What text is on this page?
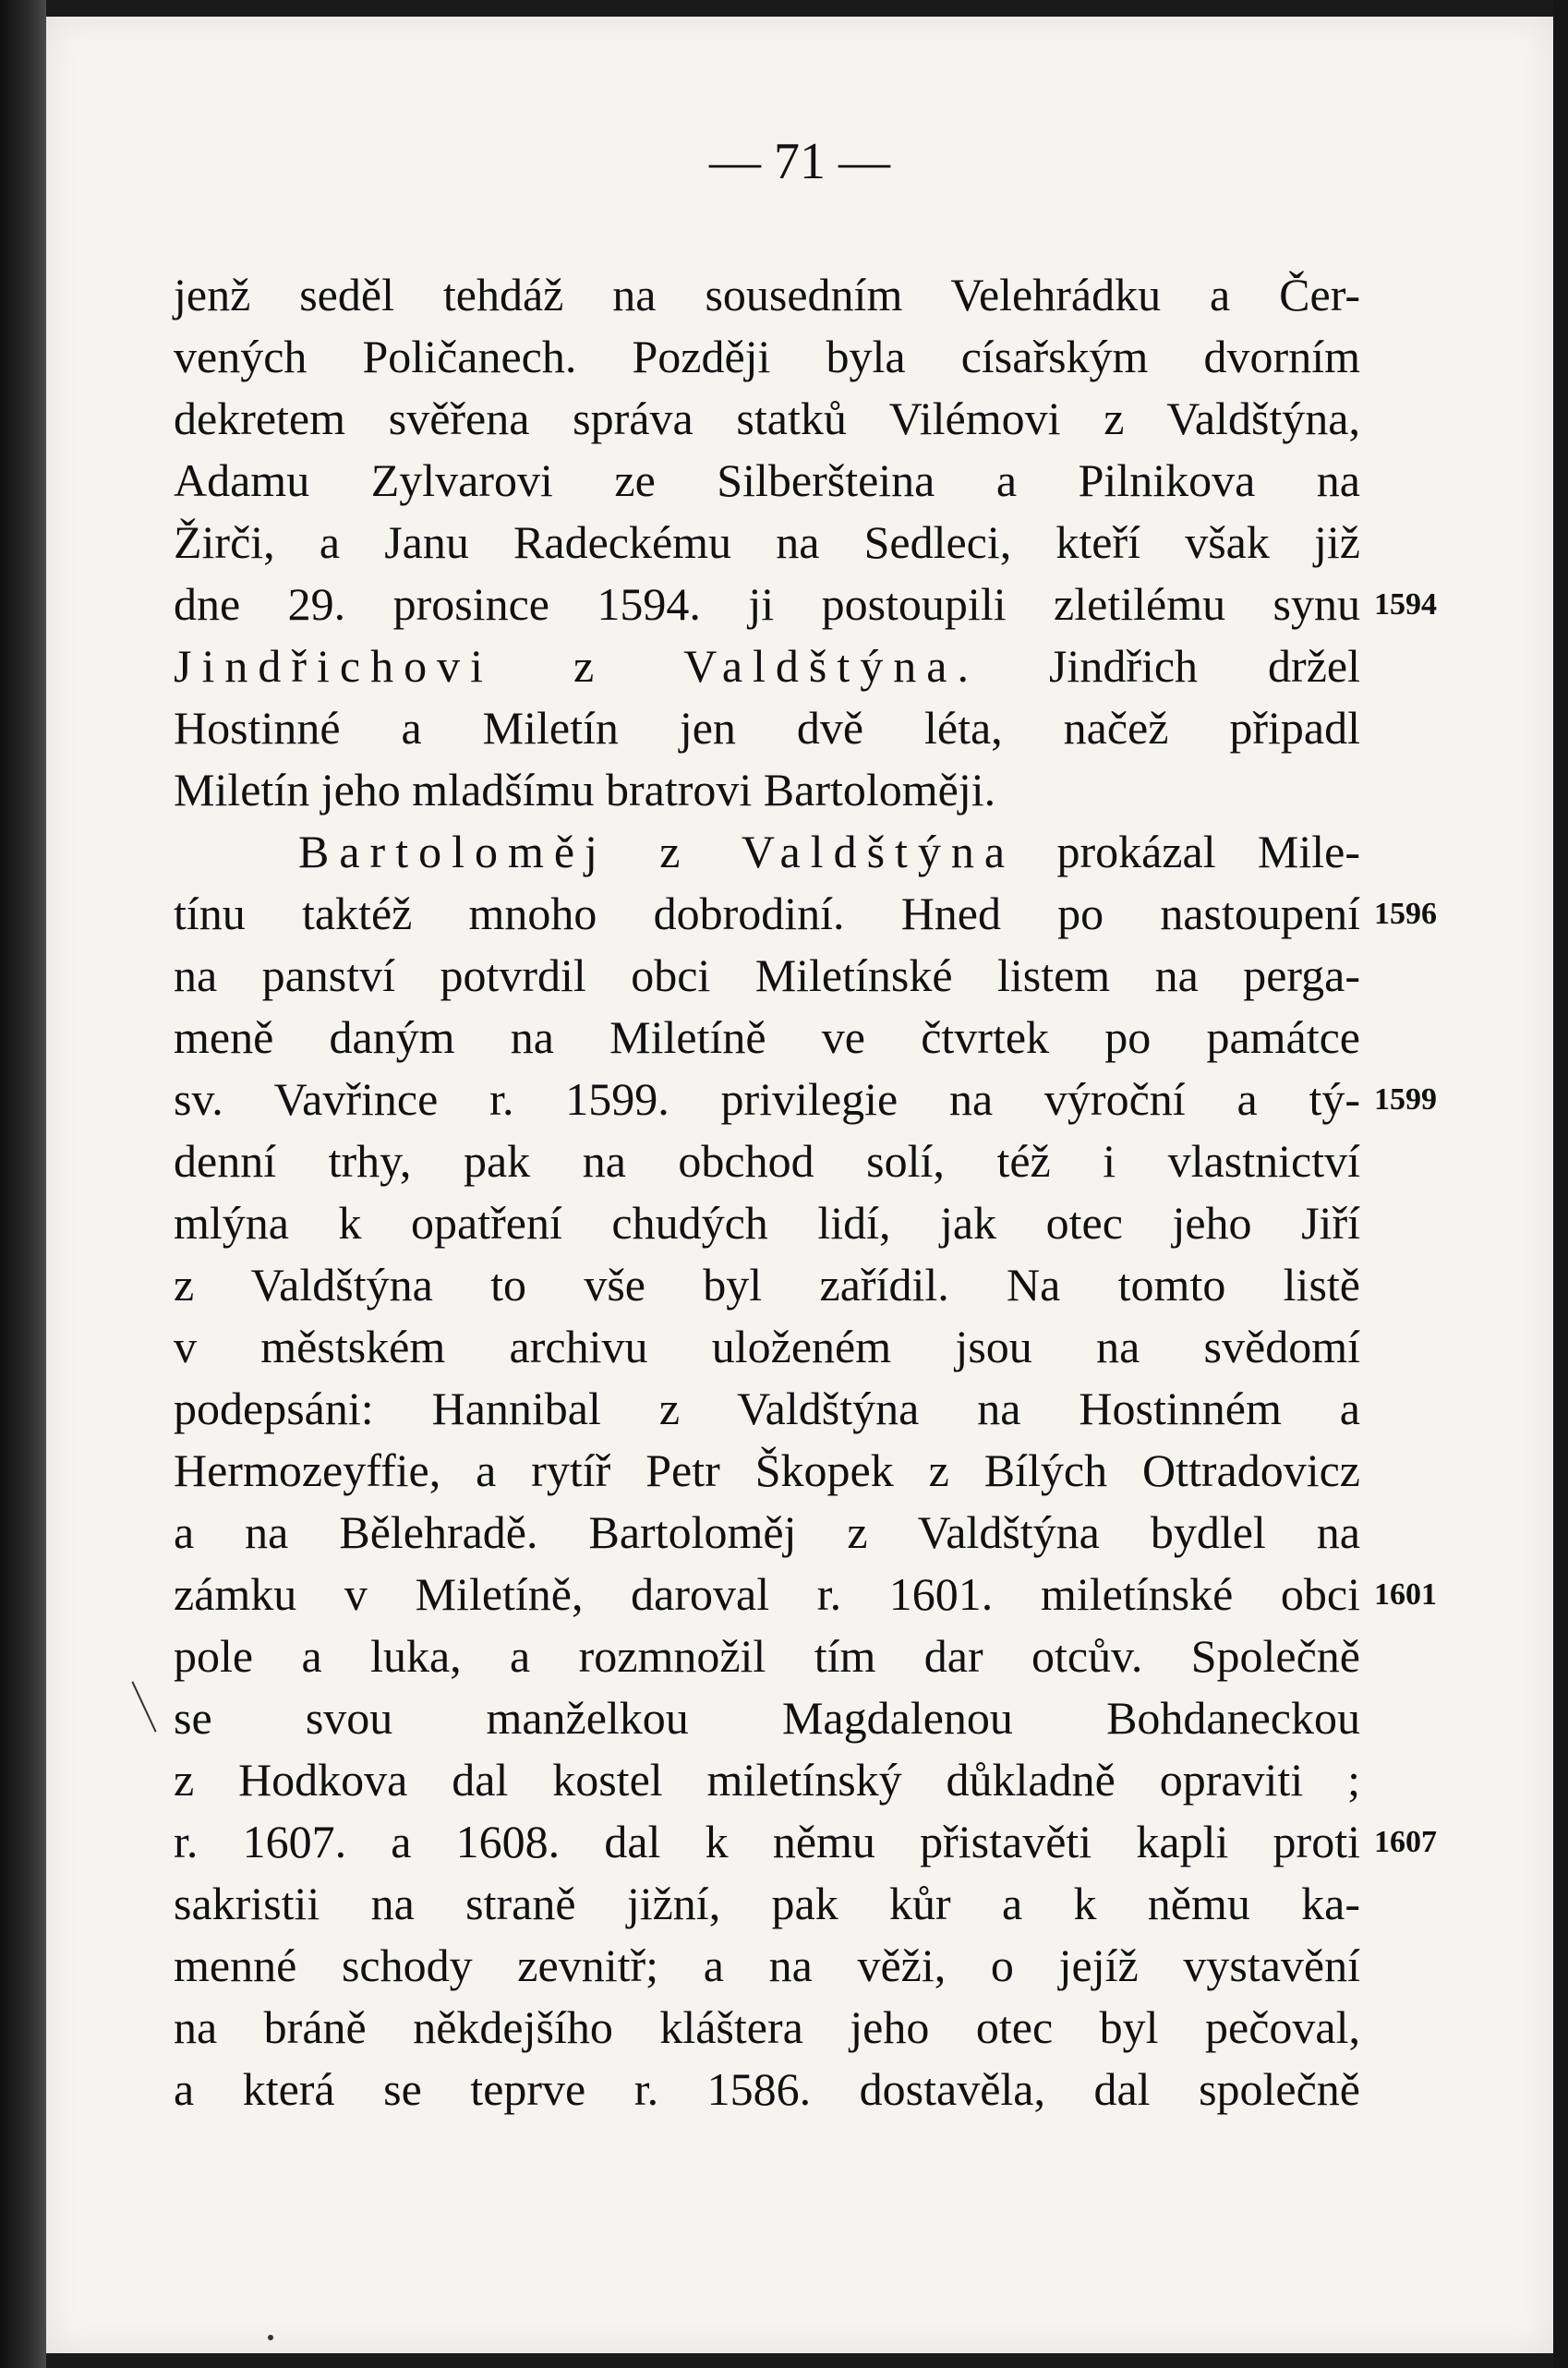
— 71 —
jenž seděl tehdáž na sousedním Velehrádku a Čer-
vených Poličanech. Později byla císařským dvorním
dekretem svěřena správa statků Vilémovi z Valdštýna,
Adamu Zylvarovi ze Silberšteina a Pilnikova na
Žirči, a Janu Radeckému na Sedleci, kteří však již
dne 29. prosince 1594. ji postoupili zletilému synu 1594
Jindřichovi z Valdštýna. Jindřich držel
Hostinné a Miletín jen dvě léta, načež připadl
Miletín jeho mladšímu bratrovi Bartoloměji.
Bartoloměj z Valdštýna prokázal Mile-
tínu taktéž mnoho dobrodiní. Hned po nastoupení 1596
na panství potvrdil obci Miletínské listem na perga-
meně daným na Miletíně ve čtvrtek po památce
sv. Vavřince r. 1599. privilegie na výroční a tý- 1599
denní trhy, pak na obchod solí, též i vlastnictví
mlýna k opatření chudých lidí, jak otec jeho Jiří
z Valdštýna to vše byl zařídil. Na tomto listě
v městském archivu uloženém jsou na svědomí
podepsáni: Hannibal z Valdštýna na Hostinném a
Hermozeyffie, a rytíř Petr Škopek z Bílých Ottradovicz
a na Bělehradě. Bartoloměj z Valdštýna bydlel na
zámku v Miletíně, daroval r. 1601. miletínské obci 1601
pole a luka, a rozmnožil tím dar otcův. Společně
se svou manželkou Magdalenou Bohdaneckou
z Hodkova dal kostel miletínský důkladně opraviti ;
r. 1607. a 1608. dal k němu přistavěti kapli proti 1607
sakristii na straně jižní, pak kůr a k němu ka-
menné schody zevnitř; a na věži, o jejíž vystavění
na bráně někdejšího kláštera jeho otec byl pečoval,
a která se teprve r. 1586. dostavěla, dal společně
